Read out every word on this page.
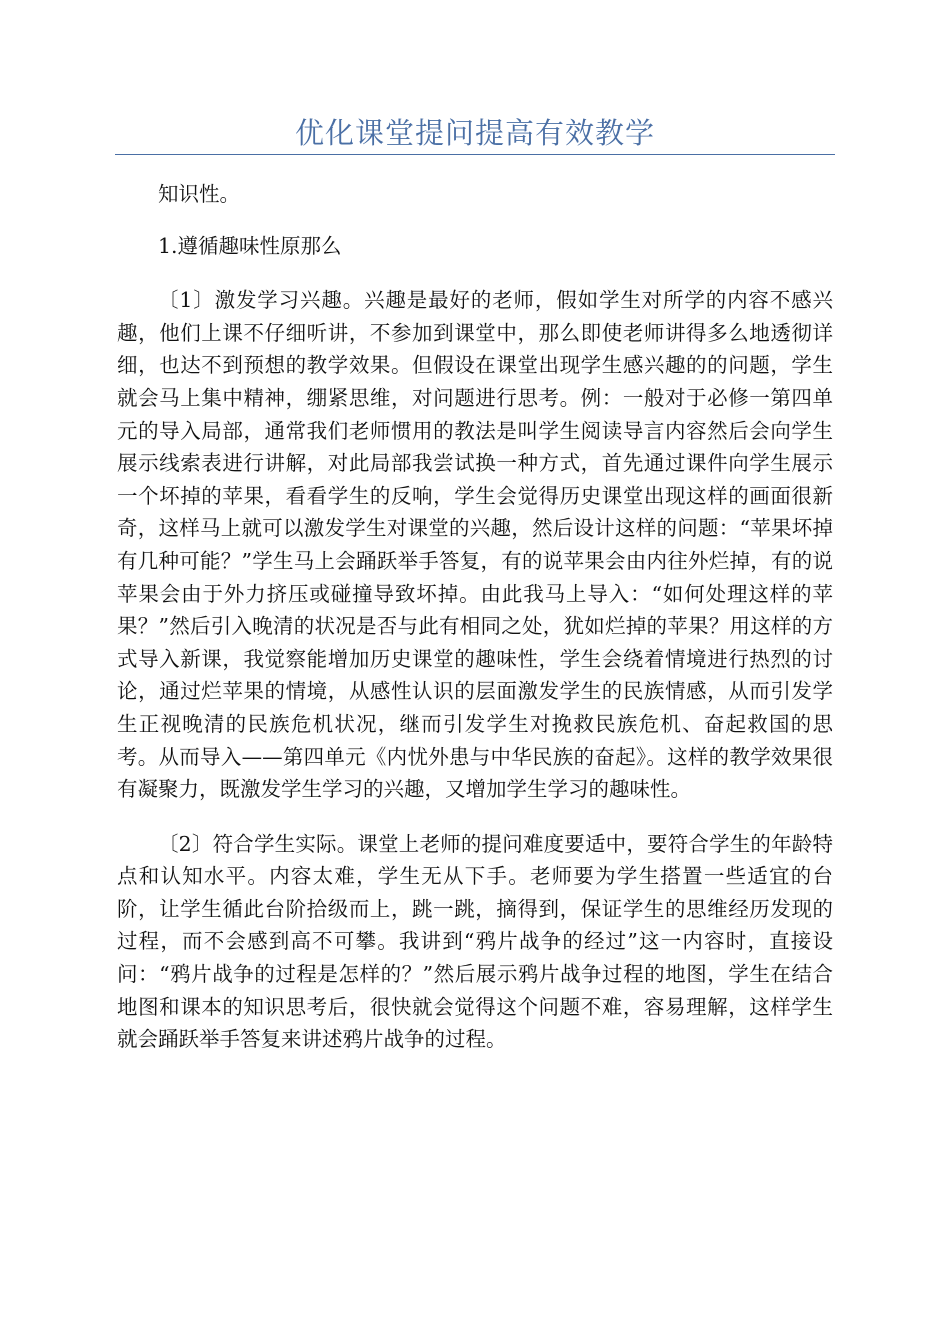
优化课堂提问提高有效教学

知识性。

1.遵循趣味性原那么

〔1〕激发学习兴趣。兴趣是最好的老师，假如学生对所学的内容不感兴趣，他们上课不仔细听讲，不参加到课堂中，那么即使老师讲得多么地透彻详细，也达不到预想的教学效果。但假设在课堂出现学生感兴趣的的问题，学生就会马上集中精神，绷紧思维，对问题进行思考。例：一般对于必修一第四单元的导入局部，通常我们老师惯用的教法是叫学生阅读导言内容然后会向学生展示线索表进行讲解，对此局部我尝试换一种方式，首先通过课件向学生展示一个坏掉的苹果，看看学生的反响，学生会觉得历史课堂出现这样的画面很新奇，这样马上就可以激发学生对课堂的兴趣，然后设计这样的问题：“苹果坏掉有几种可能？”学生马上会踊跃举手答复，有的说苹果会由内往外烂掉，有的说苹果会由于外力挤压或碰撞导致坏掉。由此我马上导入：“如何处理这样的苹果？”然后引入晚清的状况是否与此有相同之处，犹如烂掉的苹果？用这样的方式导入新课，我觉察能增加历史课堂的趣味性，学生会绕着情境进行热烈的讨论，通过烂苹果的情境，从感性认识的层面激发学生的民族情感，从而引发学生正视晚清的民族危机状况，继而引发学生对挽救民族危机、奋起救国的思考。从而导入——第四单元《内忧外患与中华民族的奋起》。这样的教学效果很有凝聚力，既激发学生学习的兴趣，又增加学生学习的趣味性。

〔2〕符合学生实际。课堂上老师的提问难度要适中，要符合学生的年龄特点和认知水平。内容太难，学生无从下手。老师要为学生搭置一些适宜的台阶，让学生循此台阶拾级而上，跳一跳，摘得到，保证学生的思维经历发现的过程，而不会感到高不可攀。我讲到“鸦片战争的经过”这一内容时，直接设问：“鸦片战争的过程是怎样的？”然后展示鸦片战争过程的地图，学生在结合地图和课本的知识思考后，很快就会觉得这个问题不难，容易理解，这样学生就会踊跃举手答复来讲述鸦片战争的过程。
